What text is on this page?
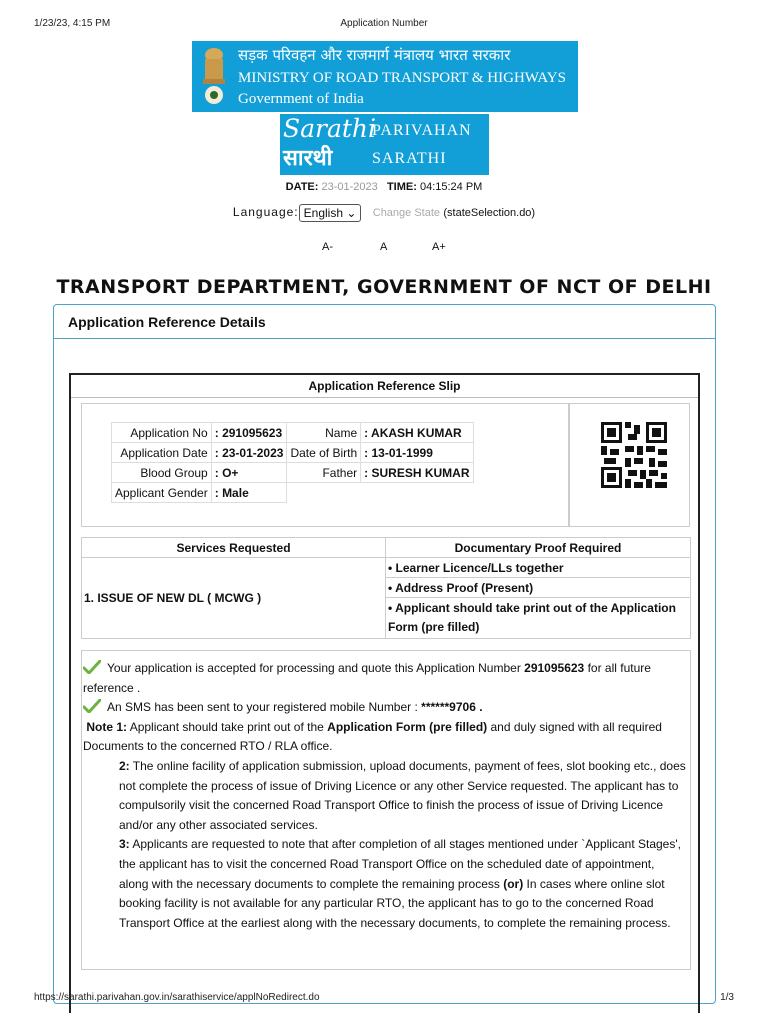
1/23/23, 4:15 PM	Application Number
सड़क परिवहन और राजमार्ग मंत्रालय भारत सरकार
MINISTRY OF ROAD TRANSPORT & HIGHWAYS
Government of India
Sarathi
सारथी
PARIVAHAN
SARATHI
DATE: 23-01-2023 TIME: 04:15:24 PM
Language: English ⌄ Change State (stateSelection.do)
A-	A	A+
TRANSPORT DEPARTMENT, GOVERNMENT OF NCT OF DELHI
Application Reference Details
Application Reference Slip
Application No	: 291095623	Name	: AKASH KUMAR
Application Date	: 23-01-2023	Date of Birth	: 13-01-1999
Blood Group	: O+	Father	: SURESH KUMAR
Applicant Gender	: Male		
Services Requested	Documentary Proof Required
1. ISSUE OF NEW DL ( MCWG )	• Learner Licence/LLs together
	• Address Proof (Present)
	• Applicant should take print out of the Application Form (pre filled)

Your application is accepted for processing and quote this Application Number 291095623 for all future reference .

An SMS has been sent to your registered mobile Number : ******9706 .

Note 1: Applicant should take print out of the Application Form (pre filled) and duly signed with all required Documents to the concerned RTO / RLA office.

2: The online facility of application submission, upload documents, payment of fees, slot booking etc., does not complete the process of issue of Driving Licence or any other Service requested. The applicant has to compulsorily visit the concerned Road Transport Office to finish the process of issue of Driving Licence and/or any other associated services.

3: Applicants are requested to note that after completion of all stages mentioned under `Applicant Stages', the applicant has to visit the concerned Road Transport Office on the scheduled date of appointment, along with the necessary documents to complete the remaining process (or) In cases where online slot booking facility is not available for any particular RTO, the applicant has to go to the concerned Road Transport Office at the earliest along with the necessary documents, to complete the remaining process.

https://sarathi.parivahan.gov.in/sarathiservice/applNoRedirect.do	1/3
